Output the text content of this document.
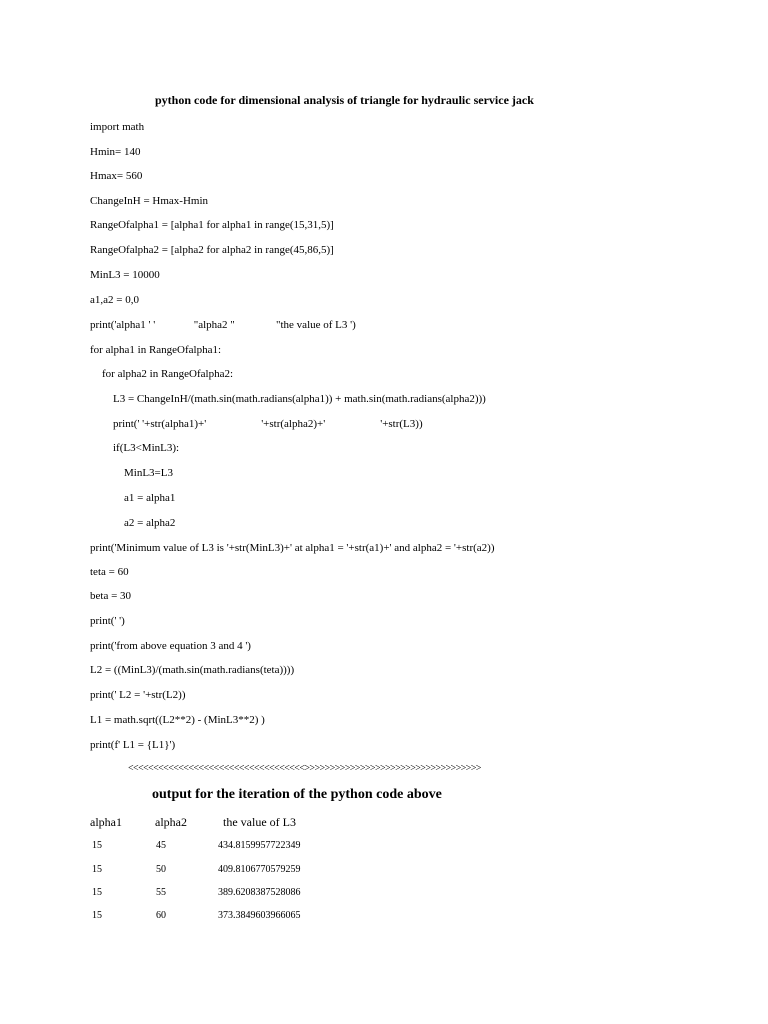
python code for dimensional analysis of triangle for hydraulic service jack
import math
Hmin= 140
Hmax= 560
ChangeInH = Hmax-Hmin
RangeOfalpha1 = [alpha1 for alpha1 in range(15,31,5)]
RangeOfalpha2 = [alpha2 for alpha2 in range(45,86,5)]
MinL3 = 10000
a1,a2 = 0,0
print('alpha1 ' '              "alpha2 "               "the value of L3 ')
for alpha1 in RangeOfalpha1:
for alpha2 in RangeOfalpha2:
L3 = ChangeInH/(math.sin(math.radians(alpha1)) + math.sin(math.radians(alpha2)))
print(' '+str(alpha1)+'                    '+str(alpha2)+'                    '+str(L3))
if(L3<MinL3):
MinL3=L3
a1 = alpha1
a2 = alpha2
print('Minimum value of L3 is '+str(MinL3)+' at alpha1 = '+str(a1)+' and alpha2 = '+str(a2))
teta = 60
beta = 30
print(' ')
print('from above equation 3 and 4 ')
L2 = ((MinL3)/(math.sin(math.radians(teta))))
print(' L2 = '+str(L2))
L1 = math.sqrt((L2**2) - (MinL3**2) )
print(f' L1 = {L1}')
<<<<<<<<<<<<<<<<<<<<<<<<<<<<<<<<<<<>>>>>>>>>>>>>>>>>>>>>>>>>>>>>>>>>>>
output for the iteration of the python code above
alpha1	alpha2	the value of L3
15	45	434.8159957722349
15	50	409.8106770579259
15	55	389.6208387528086
15	60	373.3849603966065
